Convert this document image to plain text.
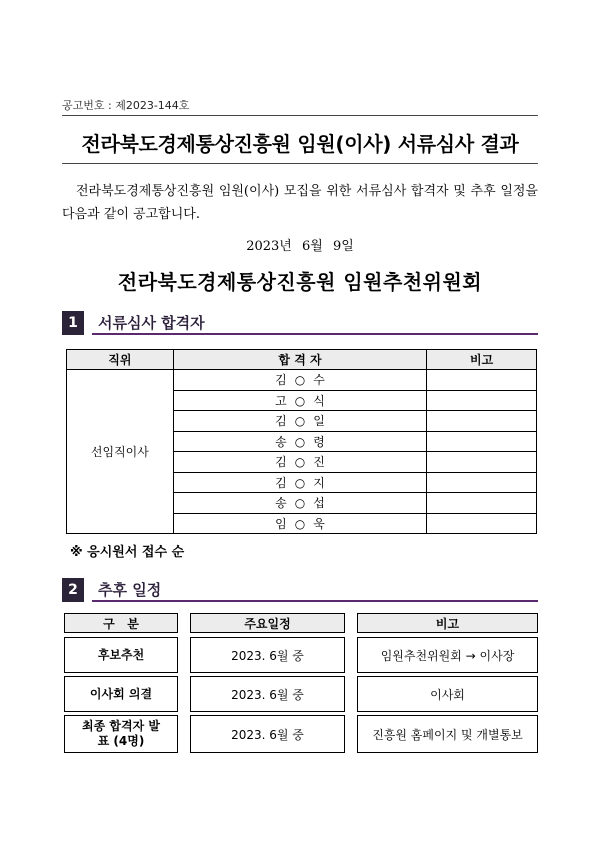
공고번호 : 제2023-144호
전라북도경제통상진흥원 임원(이사) 서류심사 결과

전라북도경제통상진흥원 임원(이사) 모집을 위한 서류심사 합격자 및 추후 일정을 다음과 같이 공고합니다.

2023년 6월 9일
전라북도경제통상진흥원 임원추천위원회
1	서류심사 합격자
직위	합 격 자	비고
선임직이사	김○수	
	고○식	
	김○일	
	송○령	
	김○진	
	김○지	
	송○섭	
	임○욱	
※ 응시원서 접수 순
2	추후 일정
구   분	주요일정	비고
후보추천	2023. 6월 중	임원추천위원회 → 이사장
이사회 의결	2023. 6월 중	이사회
최종 합격자 발표 (4명)	2023. 6월 중	진흥원 홈페이지 및 개별통보
